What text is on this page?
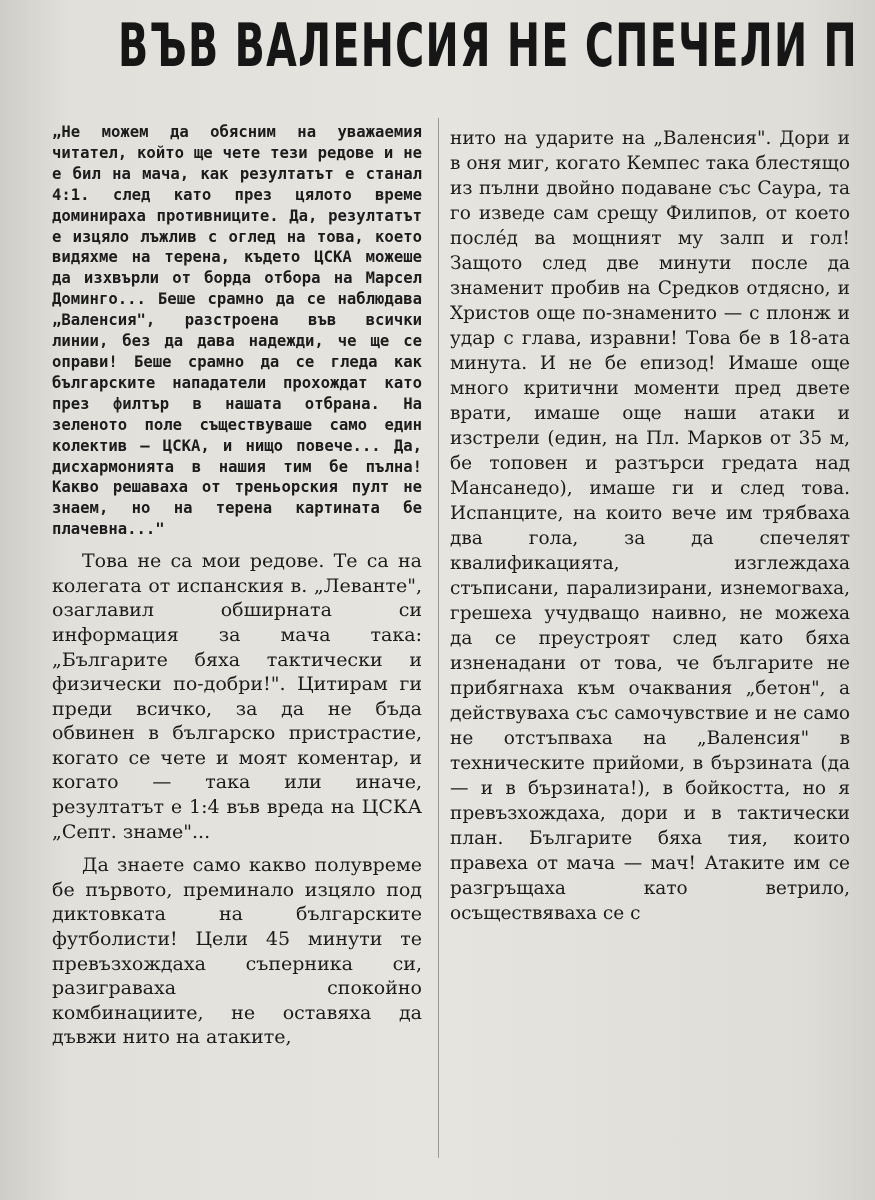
ВЪВ ВАЛЕНСИЯ НЕ СПЕЧЕЛИ П

„Не можем да обясним на уважаемия читател, който ще чете тези редове и не е бил на мача, как резултатът е станал 4:1. след като през цялото време доминираха противниците. Да, резултатът е изцяло лъжлив с оглед на това, което видяхме на терена, където ЦСКА можеше да изхвърли от борда отбора на Марсел Доминго... Беше срамно да се наблюдава „Валенсия", разстроена във всички линии, без да дава надежди, че ще се оправи! Беше срамно да се гледа как българските нападатели прохождат като през филтър в нашата отбрана. На зеленото поле съществуваше само един колектив — ЦСКА, и нищо повече... Да, дисхармонията в нашия тим бе пълна! Какво решаваха от треньорския пулт не знаем, но на терена картината бе плачевна..."

Това не са мои редове. Те са на колегата от испанския в. „Леванте", озаглавил обширната си информация за мача така: „Българите бяха тактически и физически по-добри!". Цитирам ги преди всичко, за да не бъда обвинен в българско пристрастие, когато се чете и моят коментар, и когато — така или иначе, резултатът е 1:4 във вреда на ЦСКА „Септ. знаме"...

Да знаете само какво полувреме бе първото, преминало изцяло под диктовката на българските футболисти! Цели 45 минути те превъзхождаха съперника си, разиграваха спокойно комбинациите, не оставяха да дъвжи нито на атаките,

нито на ударите на „Валенсия". Дори и в оня миг, когато Кемпес така блестящо из пълни двойно подаване със Саура, та го изведе сам срещу Филипов, от което после́д ва мощният му залп и гол! Защото след две минути после да знаменит пробив на Средков отдясно, и Христов още по-знаменито — с плонж и удар с глава, изравни! Това бе в 18-ата минута. И не бе епизод! Имаше още много критични моменти пред двете врати, имаше още наши атаки и изстрели (един, на Пл. Марков от 35 м, бе топовен и разтърси гредата над Мансанедо), имаше ги и след това. Испанците, на които вече им трябваха два гола, за да спечелят квалификацията, изглеждаха стъписани, парализирани, изнемогваха, грешеха учудващо наивно, не можеха да се преустроят след като бяха изненадани от това, че българите не прибягнаха към очаквания „бетон", а действуваха със самочувствие и не само не отстъпваха на „Валенсия" в техническите прийоми, в бързината (да — и в бързината!), в бойкостта, но я превъзхождаха, дори и в тактически план. Българите бяха тия, които правеха от мача — мач! Атаките им се разгръщаха като ветрило, осъществяваха се с
